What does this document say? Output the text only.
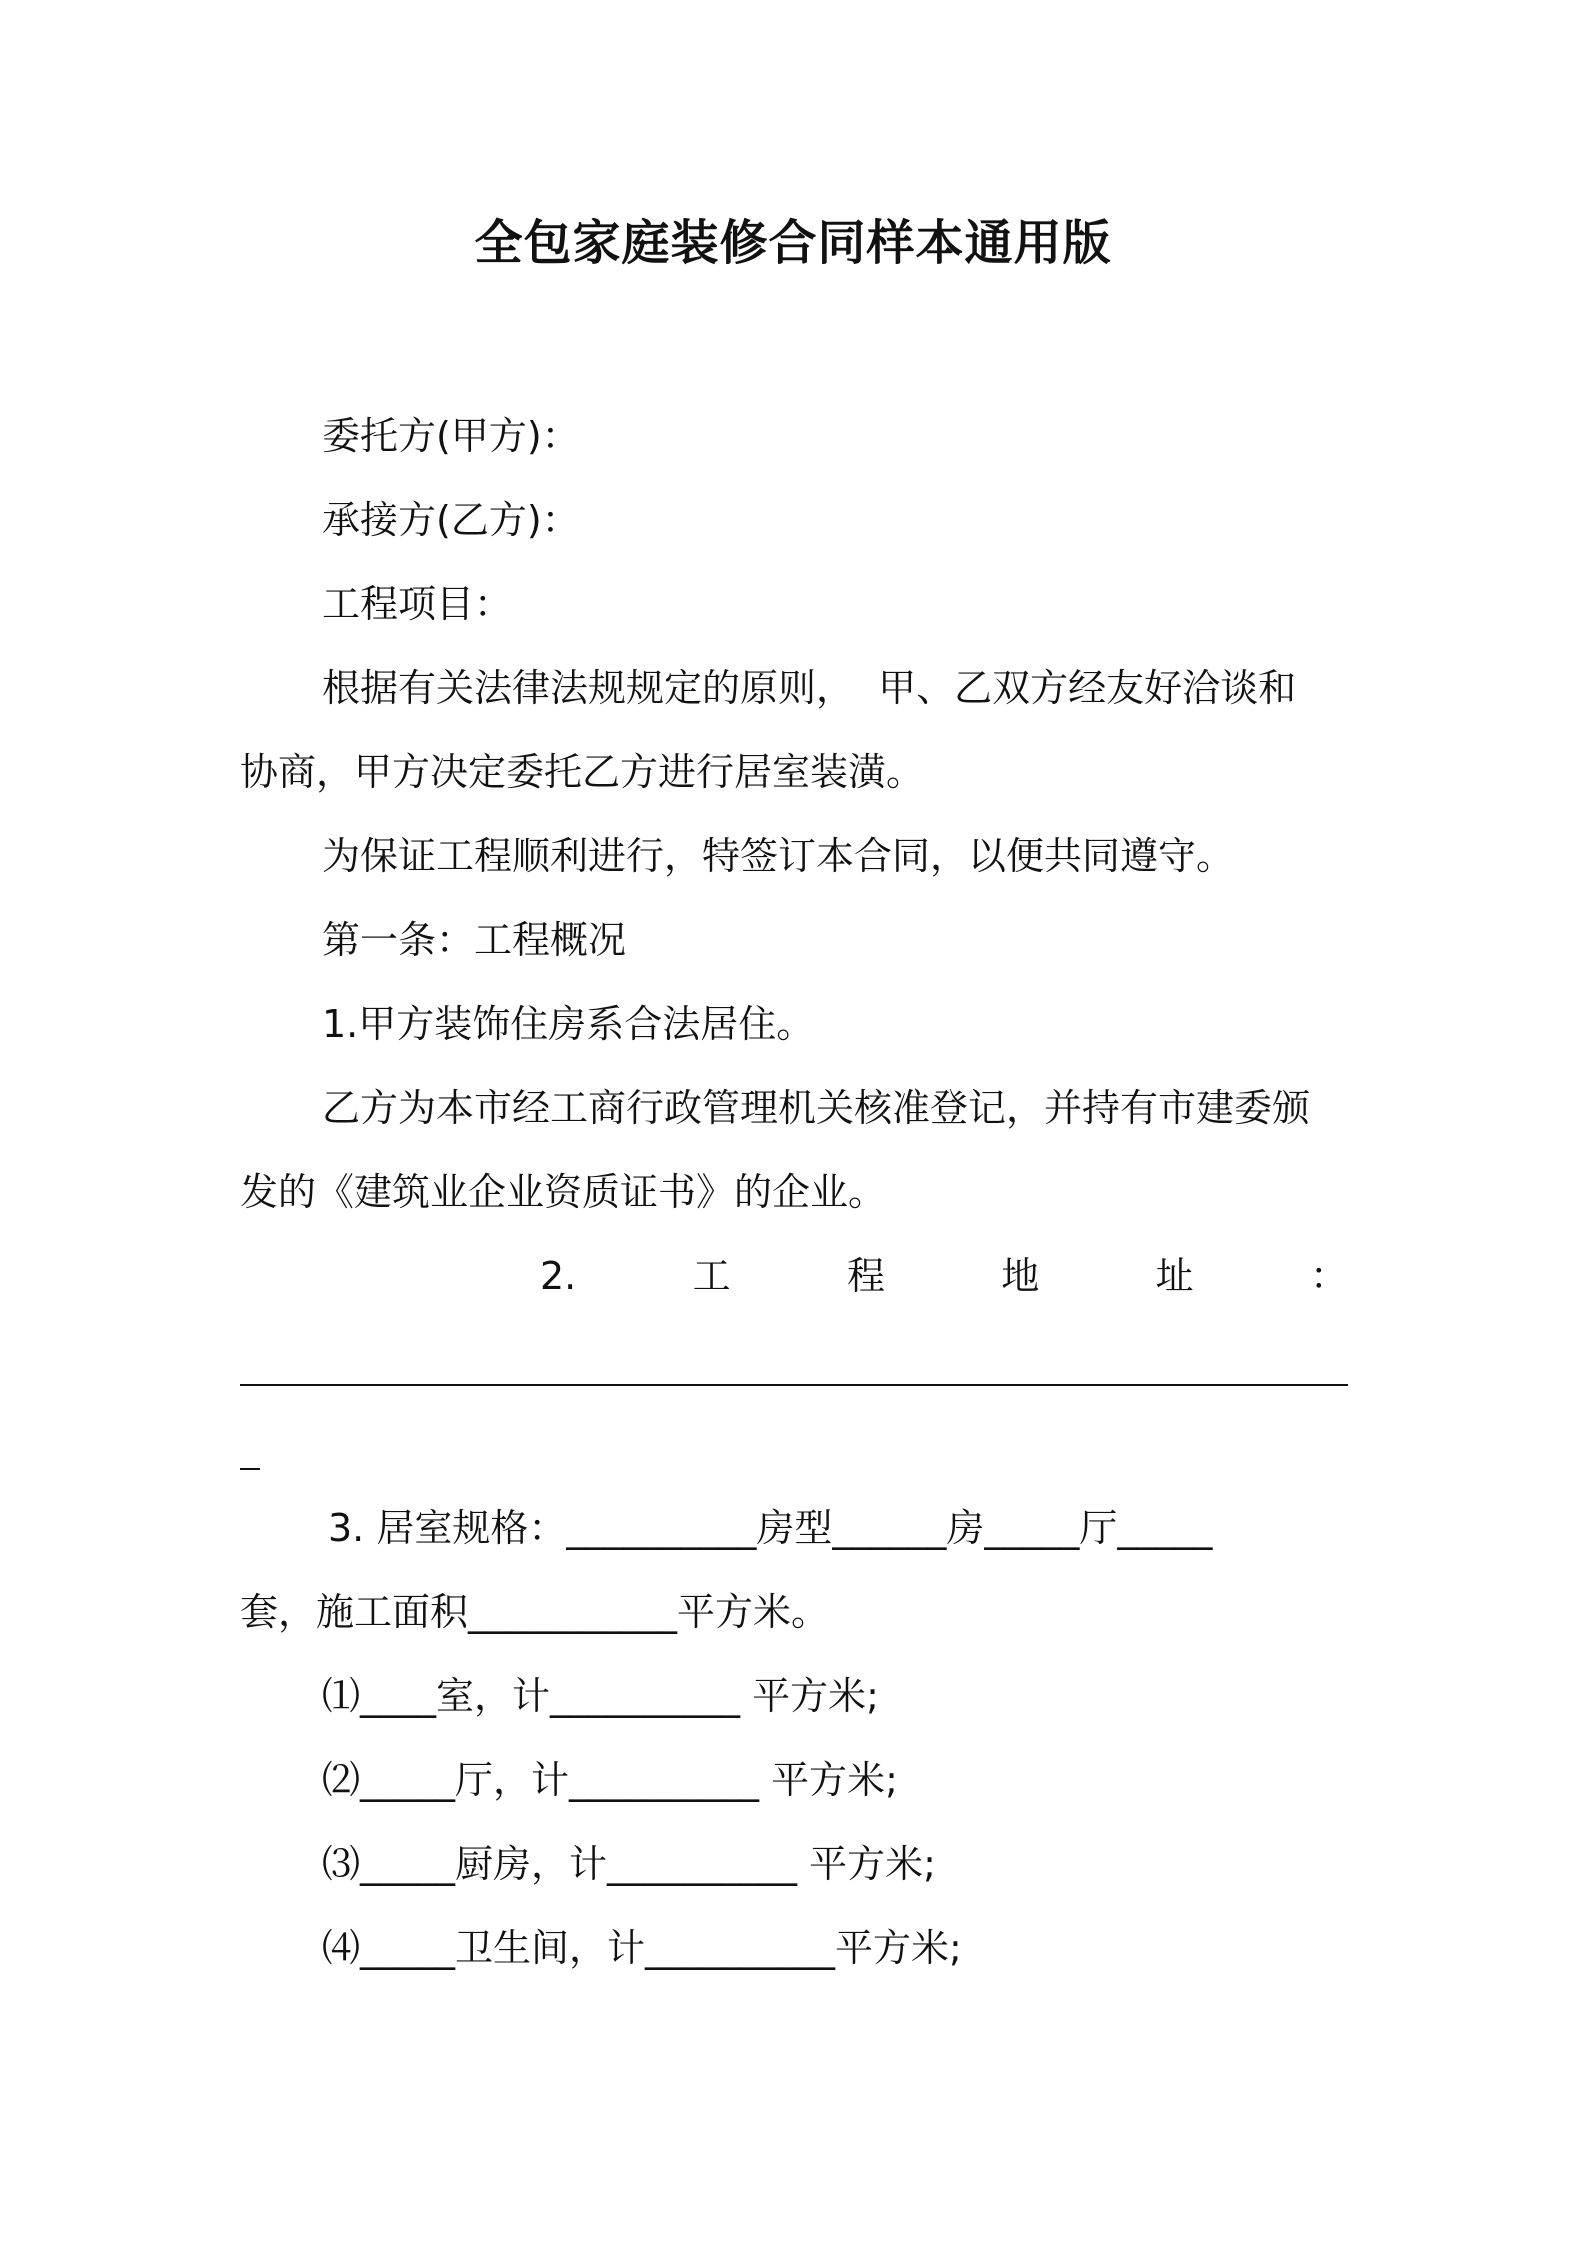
全包家庭装修合同样本通用版
委托方(甲方)：
承接方(乙方)：
工程项目：
根据有关法律法规规定的原则，  甲、乙双方经友好洽谈和
协商，甲方决定委托乙方进行居室装潢。
为保证工程顺利进行，特签订本合同，以便共同遵守。
第一条：工程概况
1.甲方装饰住房系合法居住。
乙方为本市经工商行政管理机关核准登记，并持有市建委颁
发的《建筑业企业资质证书》的企业。
2.	工	程	地	址	：
3. 居室规格：__________房型______房_____厅_____
套，施工面积___________平方米。
⑴____室，计__________ 平方米;
⑵_____厅，计__________ 平方米;
⑶_____厨房，计__________ 平方米;
⑷_____卫生间，计__________平方米;
